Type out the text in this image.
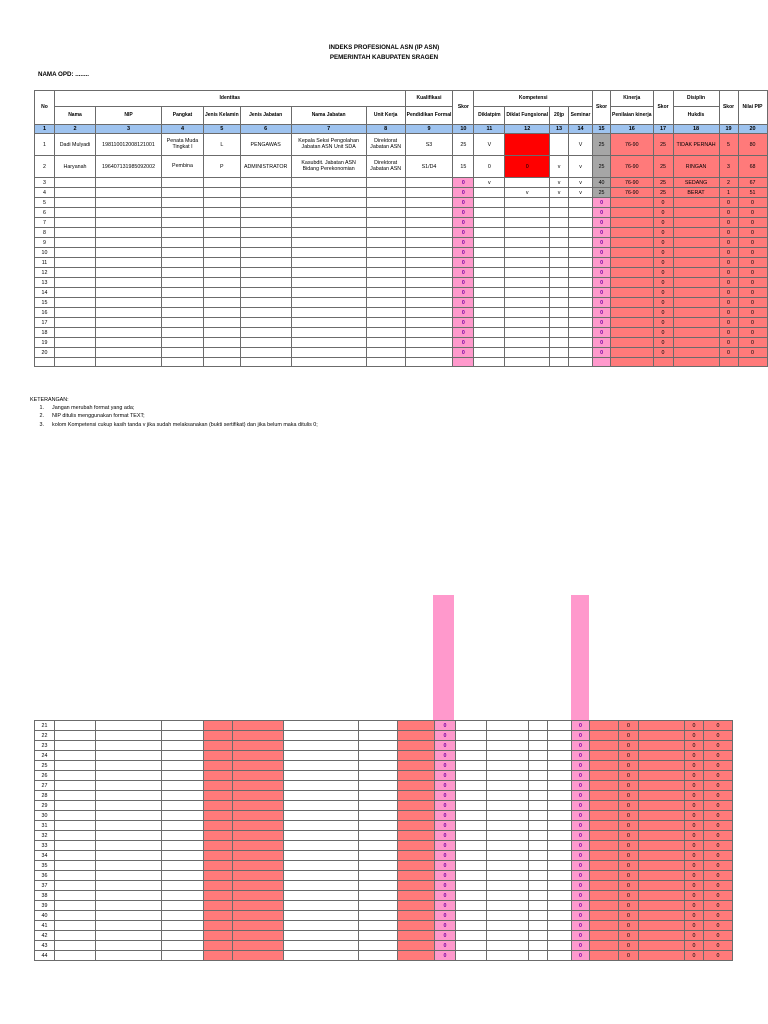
INDEKS PROFESIONAL ASN (IP ASN)
PEMERINTAH KABUPATEN SRAGEN
NAMA OPD: ........
No	Identitas							Kualifikasi	Skor	Kompetensi				Skor	Kinerja	Skor	Disiplin	Skor	Nilai PIP
	Nama	NIP	Pangkat	Jenis Kelamin	Jenis Jabatan	Nama Jabatan	Unit Kerja	Pendidikan Formal		Diklatpim	Diklat Fungsional	20jp	Seminar		Penilaian kinerja		Hukdis		
1	2	3	4	5	6	7	8	9	10	11	12	13	14	15	16	17	18	19	20
1	Dadi Mulyadi	198110012008121001	Penata Muda Tingkat I	L	PENGAWAS	Kepala Seksi Pengolahan Jabatan ASN Unit SDA	Direktorat Jabatan ASN	S3	25	V			V	25	76-90	25	TIDAK PERNAH	5	80
2	Haryanah	196407131985092002	Pembina	P	ADMINISTRATOR	Kasubdit. Jabatan ASN Bidang Perekonomian	Direktorat Jabatan ASN	S1/D4	15	0	0	v	v	25	76-90	25	RINGAN	3	68
3									0	v		v	v	40	76-90	25	SEDANG	2	67
4									0		v	v	v	25	76-90	25	BERAT	1	51
5									0					0		0		0	0
6									0					0		0		0	0
7									0					0		0		0	0
8									0					0		0		0	0
9									0					0		0		0	0
10									0					0		0		0	0
11									0					0		0		0	0
12									0					0		0		0	0
13									0					0		0		0	0
14									0					0		0		0	0
15									0					0		0		0	0
16									0					0		0		0	0
17									0					0		0		0	0
18									0					0		0		0	0
19									0					0		0		0	0
20									0					0		0		0	0

KETERANGAN:
1. Jangan merubah format yang ada;
2. NIP ditulis menggunakan format TEXT;
3. kolom Kompetensi cukup kasih tanda v jika sudah melaksanakan (bukti sertifikat) dan jika belum maka ditulis 0;
21									0					0		0		0	0
22									0					0		0		0	0
23									0					0		0		0	0
24									0					0		0		0	0
25									0					0		0		0	0
26									0					0		0		0	0
27									0					0		0		0	0
28									0					0		0		0	0
29									0					0		0		0	0
30									0					0		0		0	0
31									0					0		0		0	0
32									0					0		0		0	0
33									0					0		0		0	0
34									0					0		0		0	0
35									0					0		0		0	0
36									0					0		0		0	0
37									0					0		0		0	0
38									0					0		0		0	0
39									0					0		0		0	0
40									0					0		0		0	0
41									0					0		0		0	0
42									0					0		0		0	0
43									0					0		0		0	0
44									0					0		0		0	0
